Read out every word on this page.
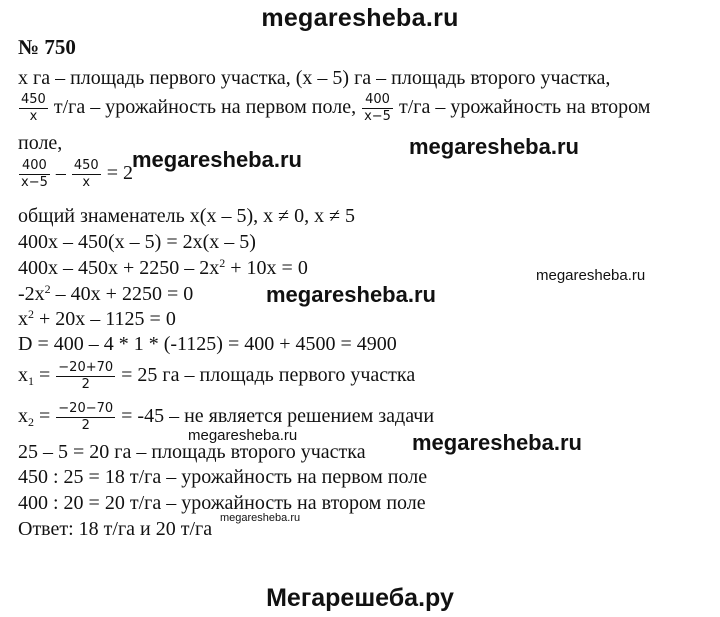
megaresheba.ru
№ 750
x га – площадь первого участка, (x – 5) га – площадь второго участка,
$\frac{450}{x} т/га$ – урожайность на первом поле, $\frac{400}{x-5} т/га$ – урожайность на втором
поле,
$\frac{400}{x-5} - \frac{450}{x} = 2$
общий знаменатель x(x – 5), x ≠ 0, x ≠ 5
400x – 450(x – 5) = 2x(x – 5)
$400x - 450x + 2250 - 2x^2 + 10x = 0$
$-2x^2 - 40x + 2250 = 0$
$x^2 + 20x - 1125 = 0$
D = 400 – 4 * 1 * (-1125) = 400 + 4500 = 4900
$x_1 = \frac{-20+70}{2} = 25$ га – площадь первого участка
$x_2 = \frac{-20-70}{2} = -45$ – не является решением задачи
25 – 5 = 20 га – площадь второго участка
450 : 25 = 18 т/га – урожайность на первом поле
400 : 20 = 20 т/га – урожайность на втором поле
Ответ: 18 т/га и 20 т/га
megaresheba.ru
megaresheba.ru
megaresheba.ru
megaresheba.ru
megaresheba.ru	megaresheba.ru
megaresheba.ru
Мегарешеба.ру
